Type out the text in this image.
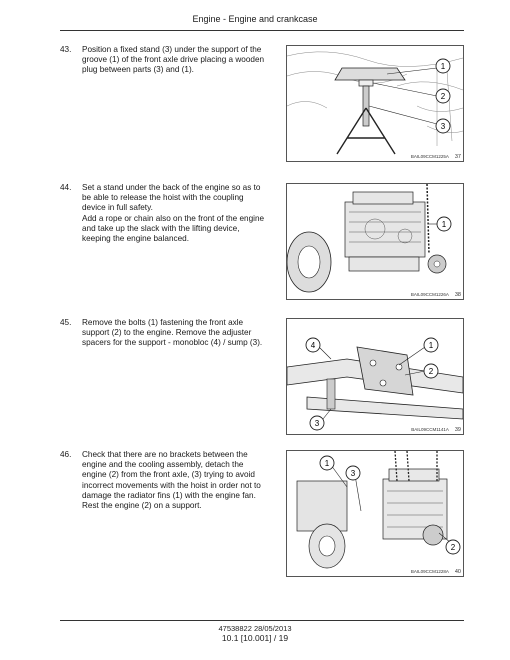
Engine - Engine and crankcase
43. Position a fixed stand (3) under the support of the groove (1) of the front axle drive placing a wooden plug between parts (3) and (1).	1
2
3
BAIL09CCM1225A 37
44. Set a stand under the back of the engine so as to be able to release the hoist with the coupling device in full safety.
Add a rope or chain also on the front of the engine and take up the slack with the lifting device, keeping the engine balanced.
1
BAIL09CCM1226A 38
45. Remove the bolts (1) fastening the front axle support (2) to the engine. Remove the adjuster spacers for the support - monobloc (4) / sump (3).	4	1
2
3
BAIL09CCM1141A 39
46. Check that there are no brackets between the engine and the cooling assembly, detach the engine (2) from the front axle, (3) trying to avoid incorrect movements with the hoist in order not to damage the radiator fins (1) with the engine fan. Rest the engine (2) on a support.
1
3
2
BAIL09CCM1228A 40
47538822 28/05/2013
10.1 [10.001] / 19
